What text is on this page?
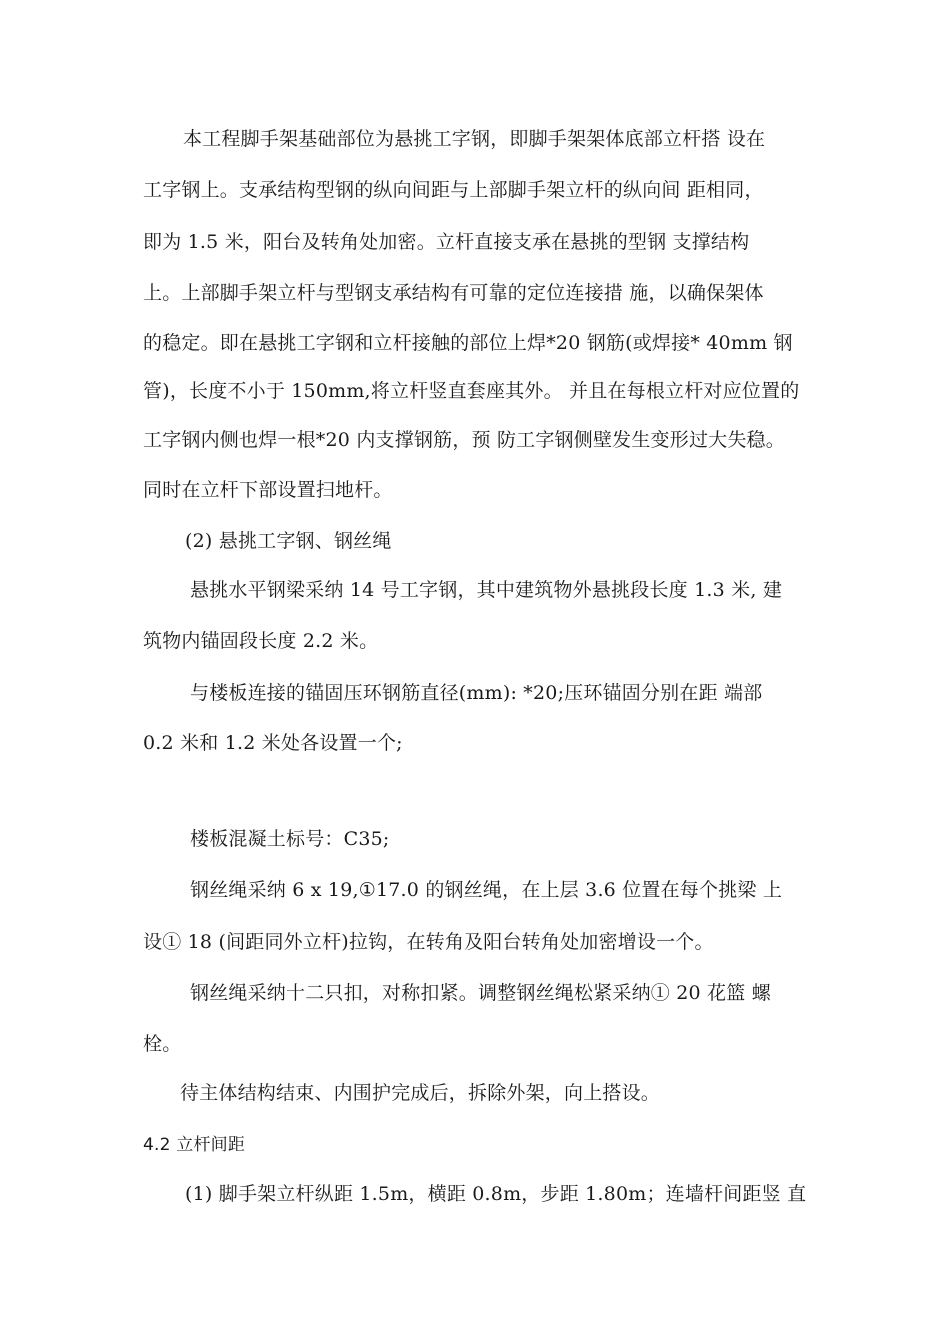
本工程脚手架基础部位为悬挑工字钢，即脚手架架体底部立杆搭 设在
工字钢上。支承结构型钢的纵向间距与上部脚手架立杆的纵向间 距相同，
即为 1.5 米，阳台及转角处加密。立杆直接支承在悬挑的型钢 支撑结构
上。上部脚手架立杆与型钢支承结构有可靠的定位连接措 施，以确保架体
的稳定。即在悬挑工字钢和立杆接触的部位上焊*20 钢筋(或焊接* 40mm 钢
管)，长度不小于 150mm,将立杆竖直套座其外。 并且在每根立杆对应位置的
工字钢内侧也焊一根*20 内支撑钢筋，预 防工字钢侧壁发生变形过大失稳。
同时在立杆下部设置扫地杆。
(2) 悬挑工字钢、钢丝绳
悬挑水平钢梁采纳 14 号工字钢，其中建筑物外悬挑段长度 1.3 米, 建
筑物内锚固段长度 2.2 米。
与楼板连接的锚固压环钢筋直径(mm): *20;压环锚固分别在距 端部
0.2 米和 1.2 米处各设置一个;
楼板混凝土标号：C35;
钢丝绳采纳 6 x 19,①17.0 的钢丝绳，在上层 3.6 位置在每个挑梁 上
设① 18 (间距同外立杆)拉钩，在转角及阳台转角处加密增设一个。
钢丝绳采纳十二只扣，对称扣紧。调整钢丝绳松紧采纳① 20 花篮 螺
栓。
待主体结构结束、内围护完成后，拆除外架，向上搭设。
4.2 立杆间距
(1) 脚手架立杆纵距 1.5m，横距 0.8m，步距 1.80m；连墙杆间距竖 直
